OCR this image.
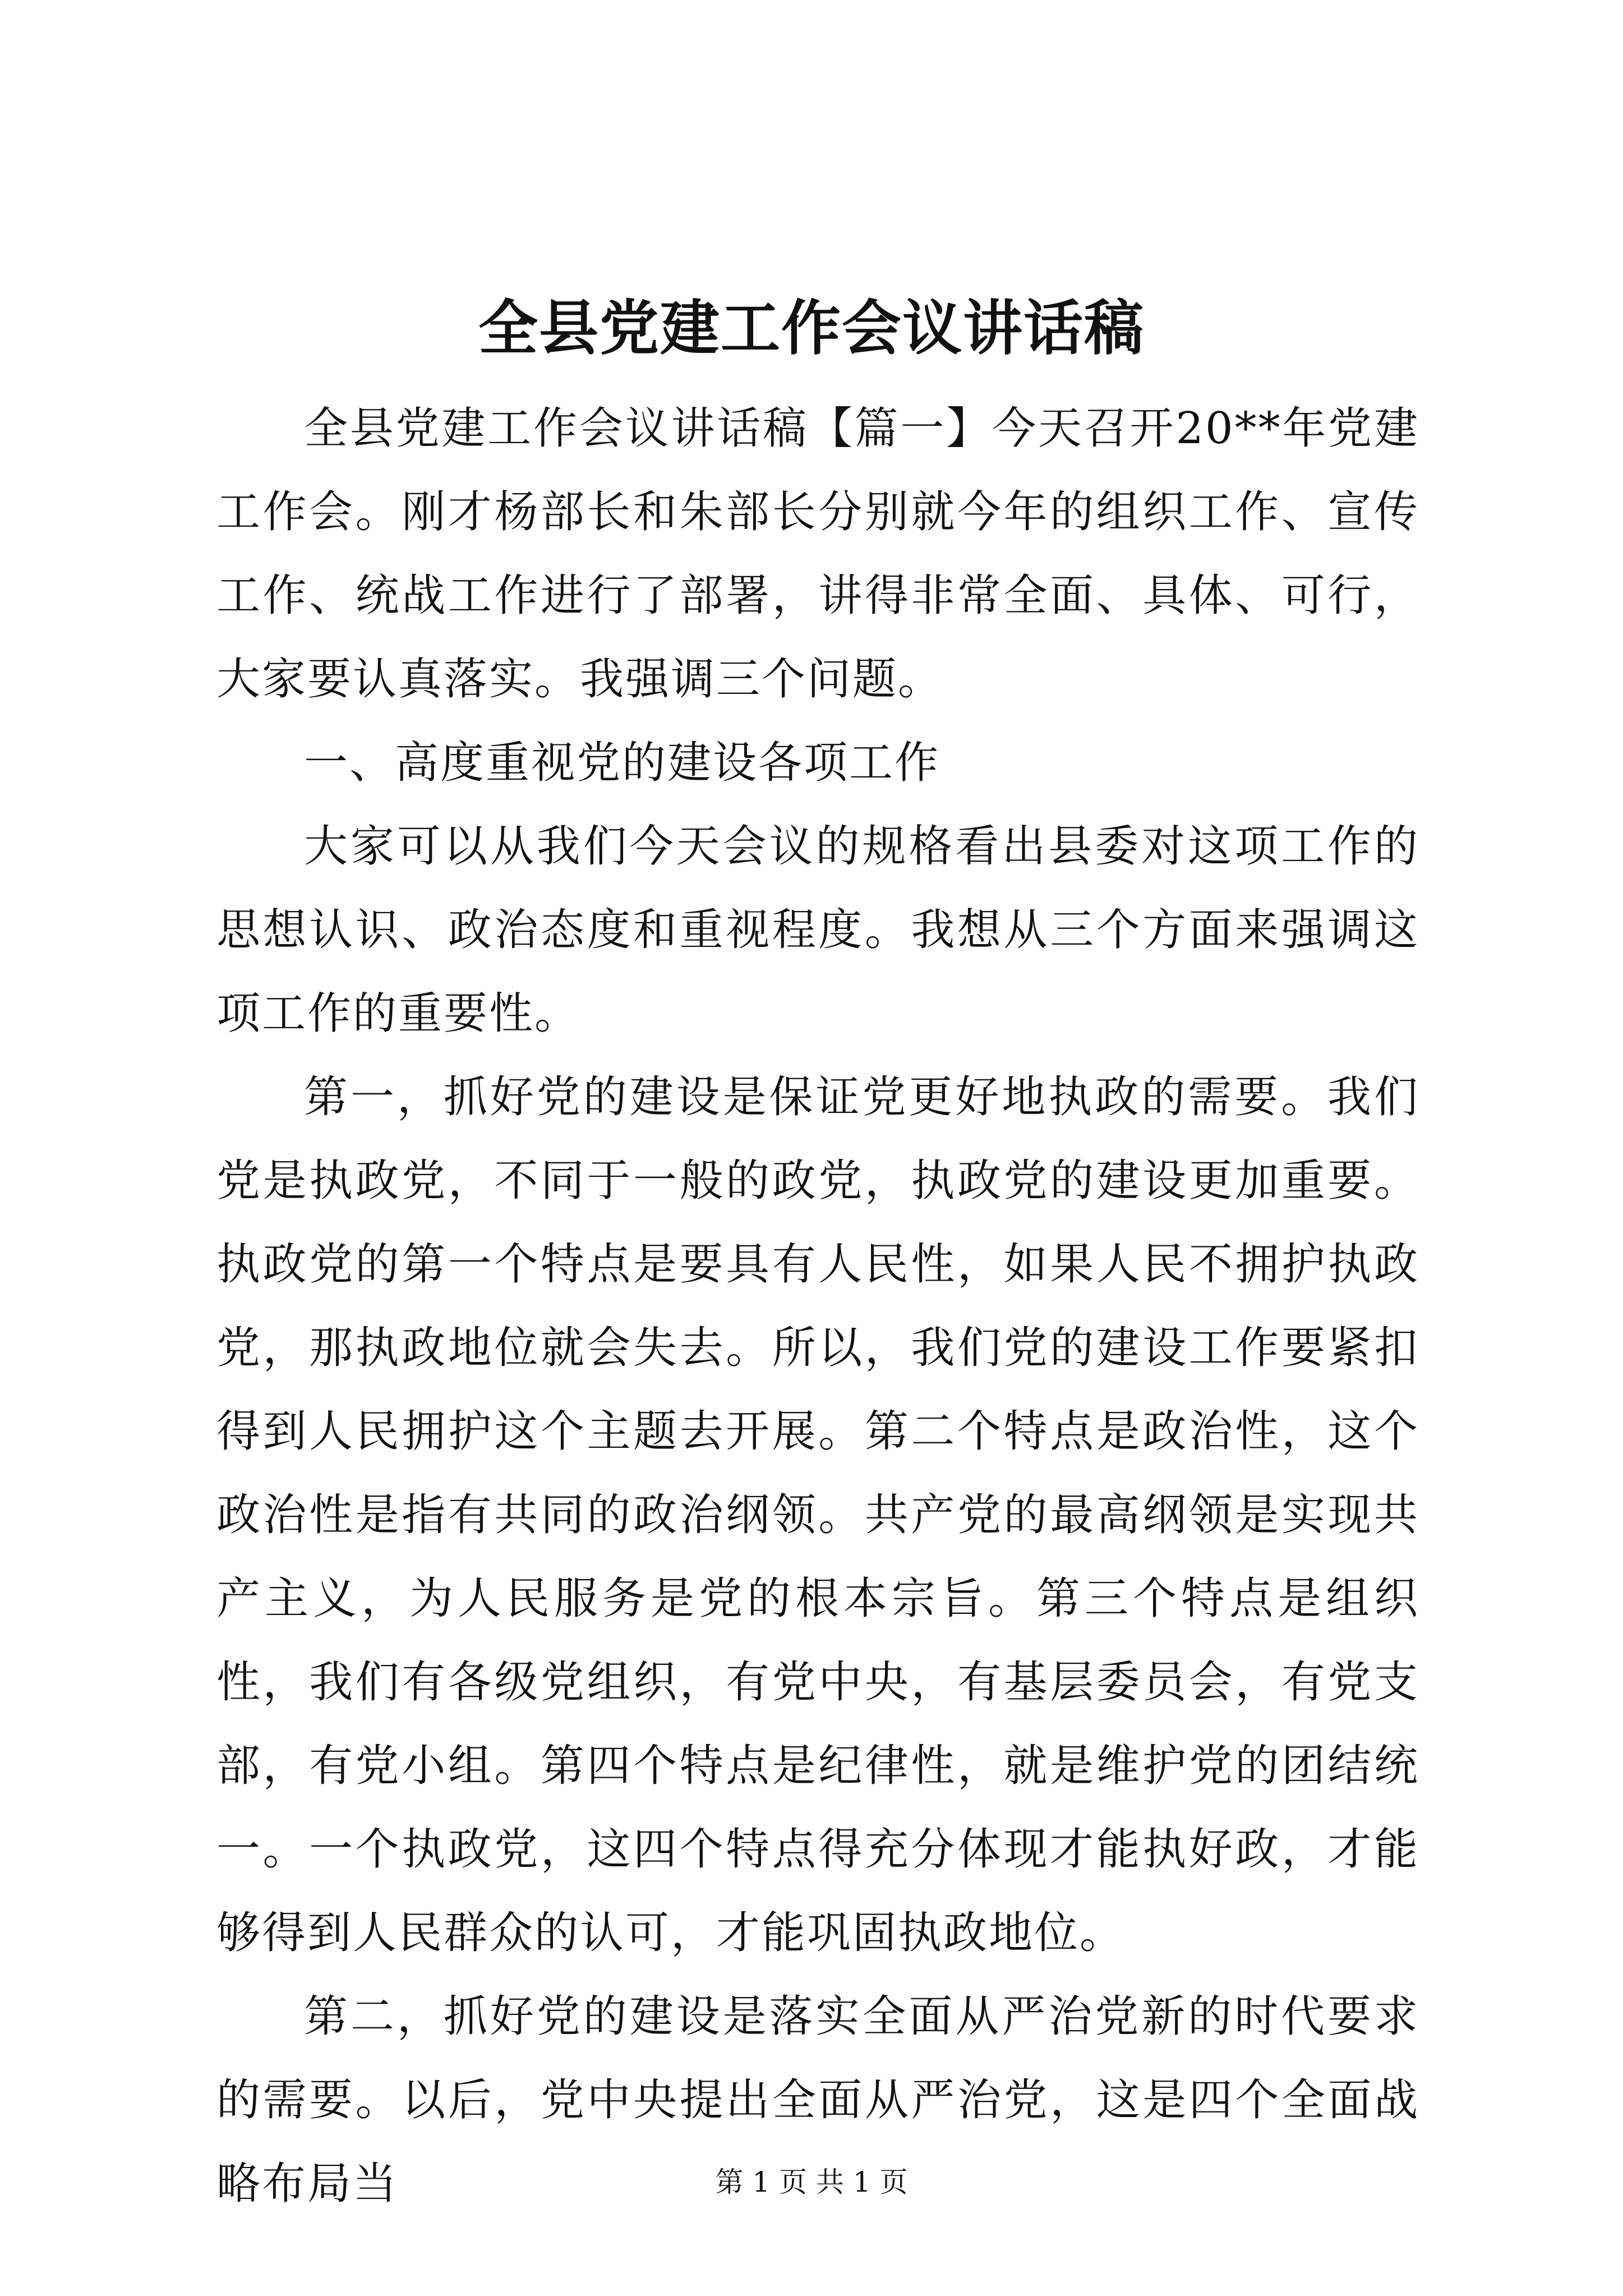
全县党建工作会议讲话稿

全县党建工作会议讲话稿【篇一】今天召开20**年党建工作会。刚才杨部长和朱部长分别就今年的组织工作、宣传工作、统战工作进行了部署，讲得非常全面、具体、可行，大家要认真落实。我强调三个问题。

一、高度重视党的建设各项工作

大家可以从我们今天会议的规格看出县委对这项工作的思想认识、政治态度和重视程度。我想从三个方面来强调这项工作的重要性。

第一，抓好党的建设是保证党更好地执政的需要。我们党是执政党，不同于一般的政党，执政党的建设更加重要。执政党的第一个特点是要具有人民性，如果人民不拥护执政党，那执政地位就会失去。所以，我们党的建设工作要紧扣得到人民拥护这个主题去开展。第二个特点是政治性，这个政治性是指有共同的政治纲领。共产党的最高纲领是实现共产主义，为人民服务是党的根本宗旨。第三个特点是组织性，我们有各级党组织，有党中央，有基层委员会，有党支部，有党小组。第四个特点是纪律性，就是维护党的团结统一。一个执政党，这四个特点得充分体现才能执好政，才能够得到人民群众的认可，才能巩固执政地位。

第二，抓好党的建设是落实全面从严治党新的时代要求的需要。以后，党中央提出全面从严治党，这是四个全面战略布局当	第 1 页 共 1 页
